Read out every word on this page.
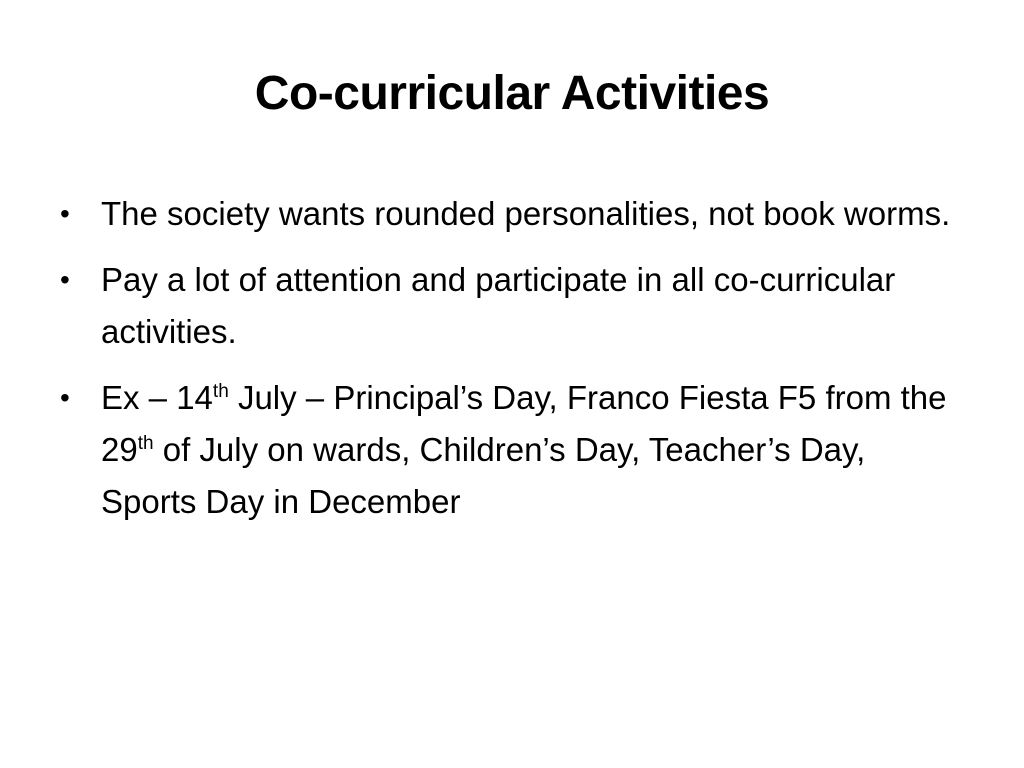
Co-curricular Activities
• The society wants rounded personalities, not book worms.
• Pay a lot of attention and participate in all co-curricular activities.
• Ex – 14th July – Principal’s Day, Franco Fiesta F5 from the 29th of July on wards, Children’s Day, Teacher’s Day, Sports Day in December
